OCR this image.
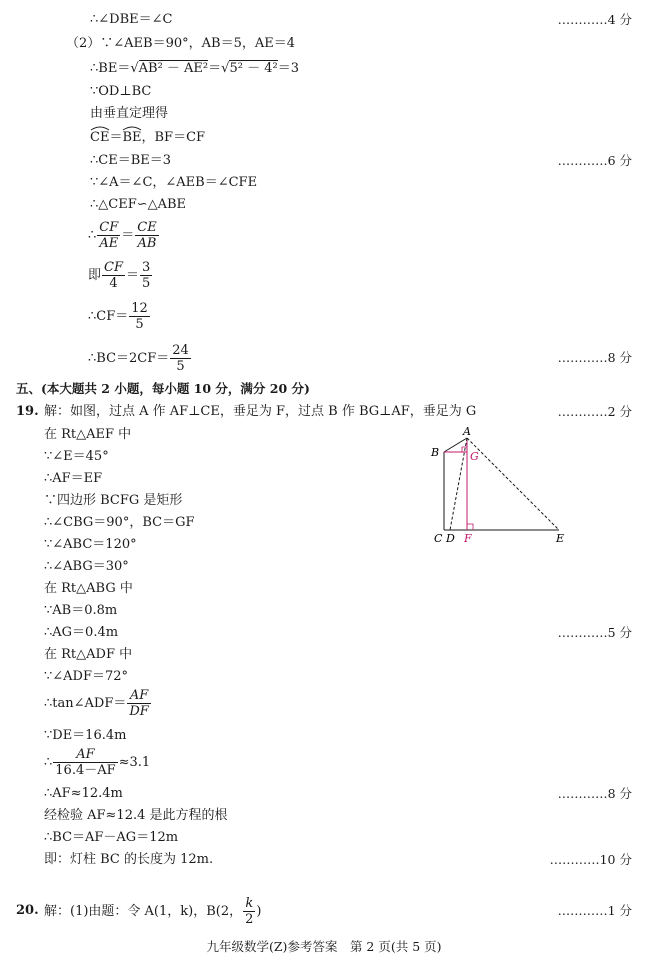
∴∠DBE＝∠C	…………4 分
（2）∵∠AEB＝90°，AB＝5，AE＝4
∴BE＝√AB² － AE²＝√5² － 4²＝3
∵OD⊥BC
由垂直定理得
CE＝
BE，BF＝CF
∴CE＝BE＝3	…………6 分
∵∠A＝∠C，∠AEB＝∠CFE
∴△CEF∽△ABE
∴ $\frac{CF}{AE} = \frac{CE}{AB}$
即 $\frac{CF}{4} = \frac{3}{5}$
∴CF＝ $\frac{12}{5}$
∴BC＝2CF＝ $\frac{24}{5}$	…………8 分
五、(本大题共 2 小题，每小题 10 分，满分 20 分)
19. 解：如图，过点 A 作 AF⊥CE，垂足为 F，过点 B 作 BG⊥AF，垂足为 G	…………2 分
在 Rt△AEF 中
∵∠E＝45°
∴AF＝EF
∵四边形 BCFG 是矩形
∴∠CBG＝90°，BC＝GF
∵∠ABC＝120°
∴∠ABG＝30°
在 Rt△ABG 中
∵AB＝0.8m
∴AG＝0.4m	…………5 分
在 Rt△ADF 中
∵∠ADF＝72°
∴tan∠ADF＝ $\frac{AF}{DF}$
∵DE＝16.4m
∴ $\frac{AF}{16.4-AF} \approx 3.1$
∴AF≈12.4m	…………8 分
经检验 AF≈12.4 是此方程的根
∴BC＝AF－AG＝12m
即：灯柱 BC 的长度为 12m.	…………10 分
20. 解：(1)由题：令 A(1，k)，B(2， $\frac{k}{2}$ )	…………1 分
九年级数学(Z)参考答案　第 2 页(共 5 页)
A
B	G
C D F	E
